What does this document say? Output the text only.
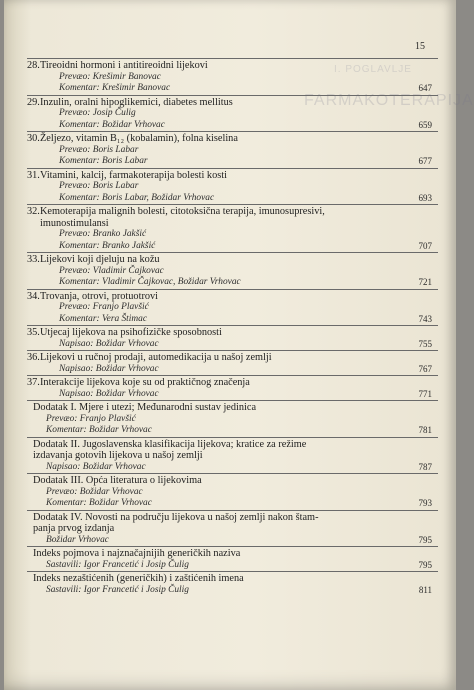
I. POGLAVLJE
FARMAKOTERAPIJA
15
28. Tireoidni hormoni i antitireoidni lijekovi
Prevæo: Krešimir Banovac
Komentar: Krešimir Banovac	647
29. Inzulin, oralni hipoglikemici, diabetes mellitus
Prevæo: Josip Čulig
Komentar: Božidar Vrhovac	659
30. Željezo, vitamin B₁₂ (kobalamin), folna kiselina
Prevæo: Boris Labar
Komentar: Boris Labar	677
31. Vitamini, kalcij, farmakoterapija bolesti kosti
Prevæo: Boris Labar
Komentar: Boris Labar, Božidar Vrhovac	693
32. Kemoterapija malignih bolesti, citotoksična terapija, imunosupresivi,
imunostimulansi
Prevæo: Branko Jakšić
Komentar: Branko Jakšić	707
33. Lijekovi koji djeluju na kožu
Prevæo: Vladimir Čajkovac
Komentar: Vladimir Čajkovac, Božidar Vrhovac	721
34. Trovanja, otrovi, protuotrovi
Prevæo: Franjo Plavšić
Komentar: Vera Štimac	743
35. Utjecaj lijekova na psihofizičke sposobnosti
Napisao: Božidar Vrhovac	755
36. Lijekovi u ručnoj prodaji, automedikacija u našoj zemlji
Napisao: Božidar Vrhovac	767
37. Interakcije lijekova koje su od praktičnog značenja
Napisao: Božidar Vrhovac	771
Dodatak I. Mjere i utezi; Međunarodni sustav jedinica
Prevæo: Franjo Plavšić
Komentar: Božidar Vrhovac	781
Dodatak II. Jugoslavenska klasifikacija lijekova; kratice za režime
izdavanja gotovih lijekova u našoj zemlji
Napisao: Božidar Vrhovac	787
Dodatak III. Opća literatura o lijekovima
Prevæo: Božidar Vrhovac
Komentar: Božidar Vrhovac	793
Dodatak IV. Novosti na području lijekova u našoj zemlji nakon štam-
panja prvog izdanja
Božidar Vrhovac	795
Indeks pojmova i najznačajnijih generičkih naziva
Sastavili: Igor Francetić i Josip Čulig	795
Indeks nezaštićenih (generičkih) i zaštićenih imena
Sastavili: Igor Francetić i Josip Čulig	811
